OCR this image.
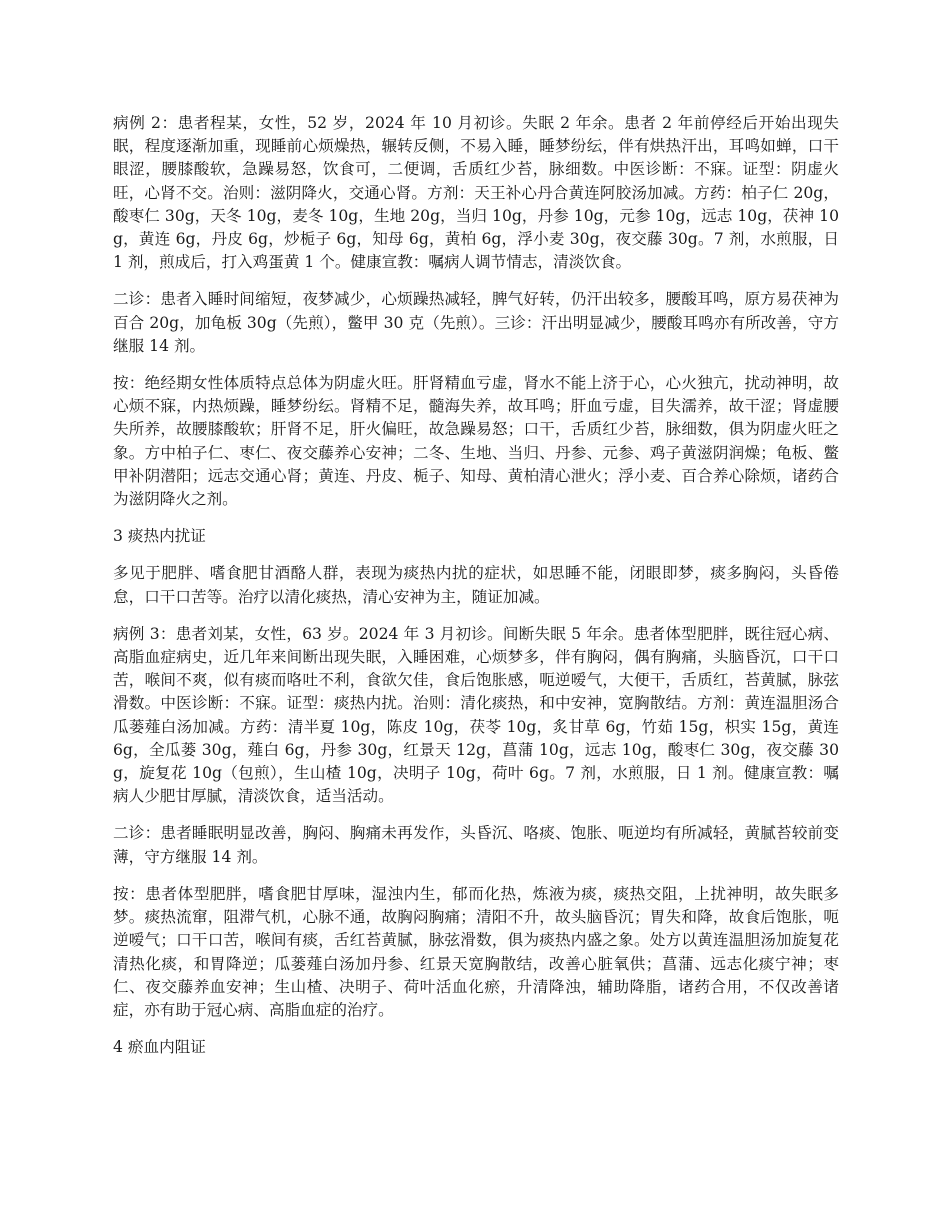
病例 2：患者程某，女性，52 岁，2024 年 10 月初诊。失眠 2 年余。患者 2 年前停经后开始出现失眠，程度逐渐加重，现睡前心烦燥热，辗转反侧，不易入睡，睡梦纷纭，伴有烘热汗出，耳鸣如蝉，口干眼涩，腰膝酸软，急躁易怒，饮食可，二便调，舌质红少苔，脉细数。中医诊断：不寐。证型：阴虚火旺，心肾不交。治则：滋阴降火，交通心肾。方剂：天王补心丹合黄连阿胶汤加减。方药：柏子仁 20g，酸枣仁 30g，天冬 10g，麦冬 10g，生地 20g，当归 10g，丹参 10g，元参 10g，远志 10g，茯神 10g，黄连 6g，丹皮 6g，炒栀子 6g，知母 6g，黄柏 6g，浮小麦 30g，夜交藤 30g。7 剂，水煎服，日 1 剂，煎成后，打入鸡蛋黄 1 个。健康宣教：嘱病人调节情志，清淡饮食。

二诊：患者入睡时间缩短，夜梦减少，心烦躁热减轻，脾气好转，仍汗出较多，腰酸耳鸣，原方易茯神为百合 20g，加龟板 30g（先煎），鳖甲 30 克（先煎）。三诊：汗出明显减少，腰酸耳鸣亦有所改善，守方继服 14 剂。

按：绝经期女性体质特点总体为阴虚火旺。肝肾精血亏虚，肾水不能上济于心，心火独亢，扰动神明，故心烦不寐，内热烦躁，睡梦纷纭。肾精不足，髓海失养，故耳鸣；肝血亏虚，目失濡养，故干涩；肾虚腰失所养，故腰膝酸软；肝肾不足，肝火偏旺，故急躁易怒；口干，舌质红少苔，脉细数，俱为阴虚火旺之象。方中柏子仁、枣仁、夜交藤养心安神；二冬、生地、当归、丹参、元参、鸡子黄滋阴润燥；龟板、鳖甲补阴潜阳；远志交通心肾；黄连、丹皮、栀子、知母、黄柏清心泄火；浮小麦、百合养心除烦，诸药合为滋阴降火之剂。

3 痰热内扰证

多见于肥胖、嗜食肥甘酒酪人群，表现为痰热内扰的症状，如思睡不能，闭眼即梦，痰多胸闷，头昏倦怠，口干口苦等。治疗以清化痰热，清心安神为主，随证加减。

病例 3：患者刘某，女性，63 岁。2024 年 3 月初诊。间断失眠 5 年余。患者体型肥胖，既往冠心病、高脂血症病史，近几年来间断出现失眠，入睡困难，心烦梦多，伴有胸闷，偶有胸痛，头脑昏沉，口干口苦，喉间不爽，似有痰而咯吐不利，食欲欠佳，食后饱胀感，呃逆嗳气，大便干，舌质红，苔黄腻，脉弦滑数。中医诊断：不寐。证型：痰热内扰。治则：清化痰热，和中安神，宽胸散结。方剂：黄连温胆汤合瓜蒌薤白汤加减。方药：清半夏 10g，陈皮 10g，茯苓 10g，炙甘草 6g，竹茹 15g，枳实 15g，黄连 6g，全瓜蒌 30g，薤白 6g，丹参 30g，红景天 12g，菖蒲 10g，远志 10g，酸枣仁 30g，夜交藤 30g，旋复花 10g（包煎），生山楂 10g，决明子 10g，荷叶 6g。7 剂，水煎服，日 1 剂。健康宣教：嘱病人少肥甘厚腻，清淡饮食，适当活动。

二诊：患者睡眠明显改善，胸闷、胸痛未再发作，头昏沉、咯痰、饱胀、呃逆均有所减轻，黄腻苔较前变薄，守方继服 14 剂。

按：患者体型肥胖，嗜食肥甘厚味，湿浊内生，郁而化热，炼液为痰，痰热交阻，上扰神明，故失眠多梦。痰热流窜，阻滞气机，心脉不通，故胸闷胸痛；清阳不升，故头脑昏沉；胃失和降，故食后饱胀，呃逆嗳气；口干口苦，喉间有痰，舌红苔黄腻，脉弦滑数，俱为痰热内盛之象。处方以黄连温胆汤加旋复花清热化痰，和胃降逆；瓜蒌薤白汤加丹参、红景天宽胸散结，改善心脏氧供；菖蒲、远志化痰宁神；枣仁、夜交藤养血安神；生山楂、决明子、荷叶活血化瘀，升清降浊，辅助降脂，诸药合用，不仅改善诸症，亦有助于冠心病、高脂血症的治疗。

4 瘀血内阻证
